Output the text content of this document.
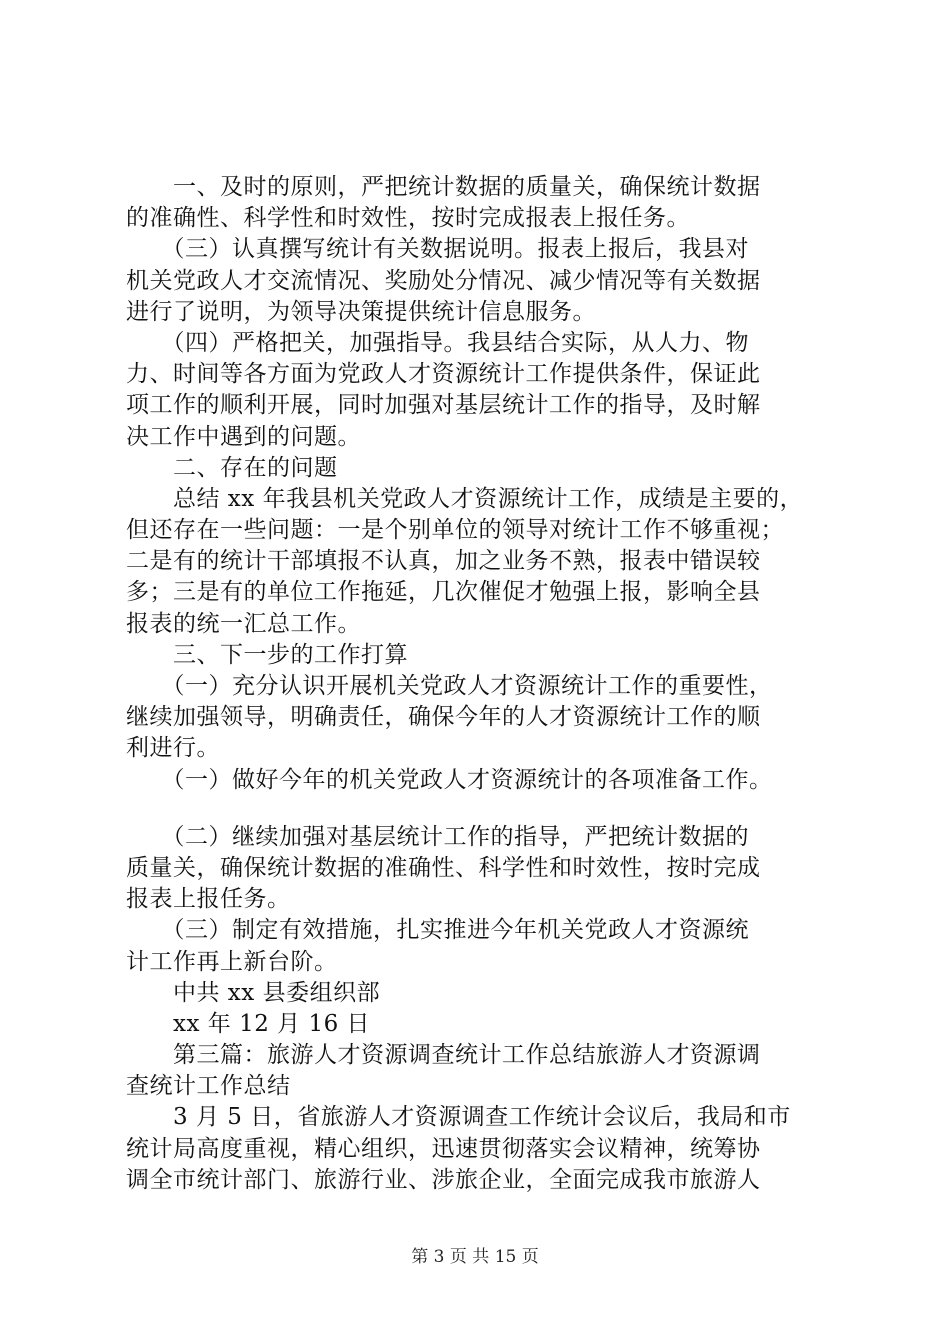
　　一、及时的原则，严把统计数据的质量关，确保统计数据
的准确性、科学性和时效性，按时完成报表上报任务。
　　（三）认真撰写统计有关数据说明。报表上报后，我县对
机关党政人才交流情况、奖励处分情况、减少情况等有关数据
进行了说明，为领导决策提供统计信息服务。
　　（四）严格把关，加强指导。我县结合实际，从人力、物
力、时间等各方面为党政人才资源统计工作提供条件，保证此
项工作的顺利开展，同时加强对基层统计工作的指导，及时解
决工作中遇到的问题。
　　二、存在的问题
　　总结 xx 年我县机关党政人才资源统计工作，成绩是主要的，
但还存在一些问题：一是个别单位的领导对统计工作不够重视；
二是有的统计干部填报不认真，加之业务不熟，报表中错误较
多；三是有的单位工作拖延，几次催促才勉强上报，影响全县
报表的统一汇总工作。
　　三、下一步的工作打算
　　（一）充分认识开展机关党政人才资源统计工作的重要性，
继续加强领导，明确责任，确保今年的人才资源统计工作的顺
利进行。
　　（一）做好今年的机关党政人才资源统计的各项准备工作。
　　（二）继续加强对基层统计工作的指导，严把统计数据的
质量关，确保统计数据的准确性、科学性和时效性，按时完成
报表上报任务。
　　（三）制定有效措施，扎实推进今年机关党政人才资源统
计工作再上新台阶。
　　中共 xx 县委组织部
　　xx 年 12 月 16 日
　　第三篇：旅游人才资源调查统计工作总结旅游人才资源调
查统计工作总结
　　3 月 5 日，省旅游人才资源调查工作统计会议后，我局和市
统计局高度重视，精心组织，迅速贯彻落实会议精神，统筹协
调全市统计部门、旅游行业、涉旅企业，全面完成我市旅游人
第 3 页 共 15 页
